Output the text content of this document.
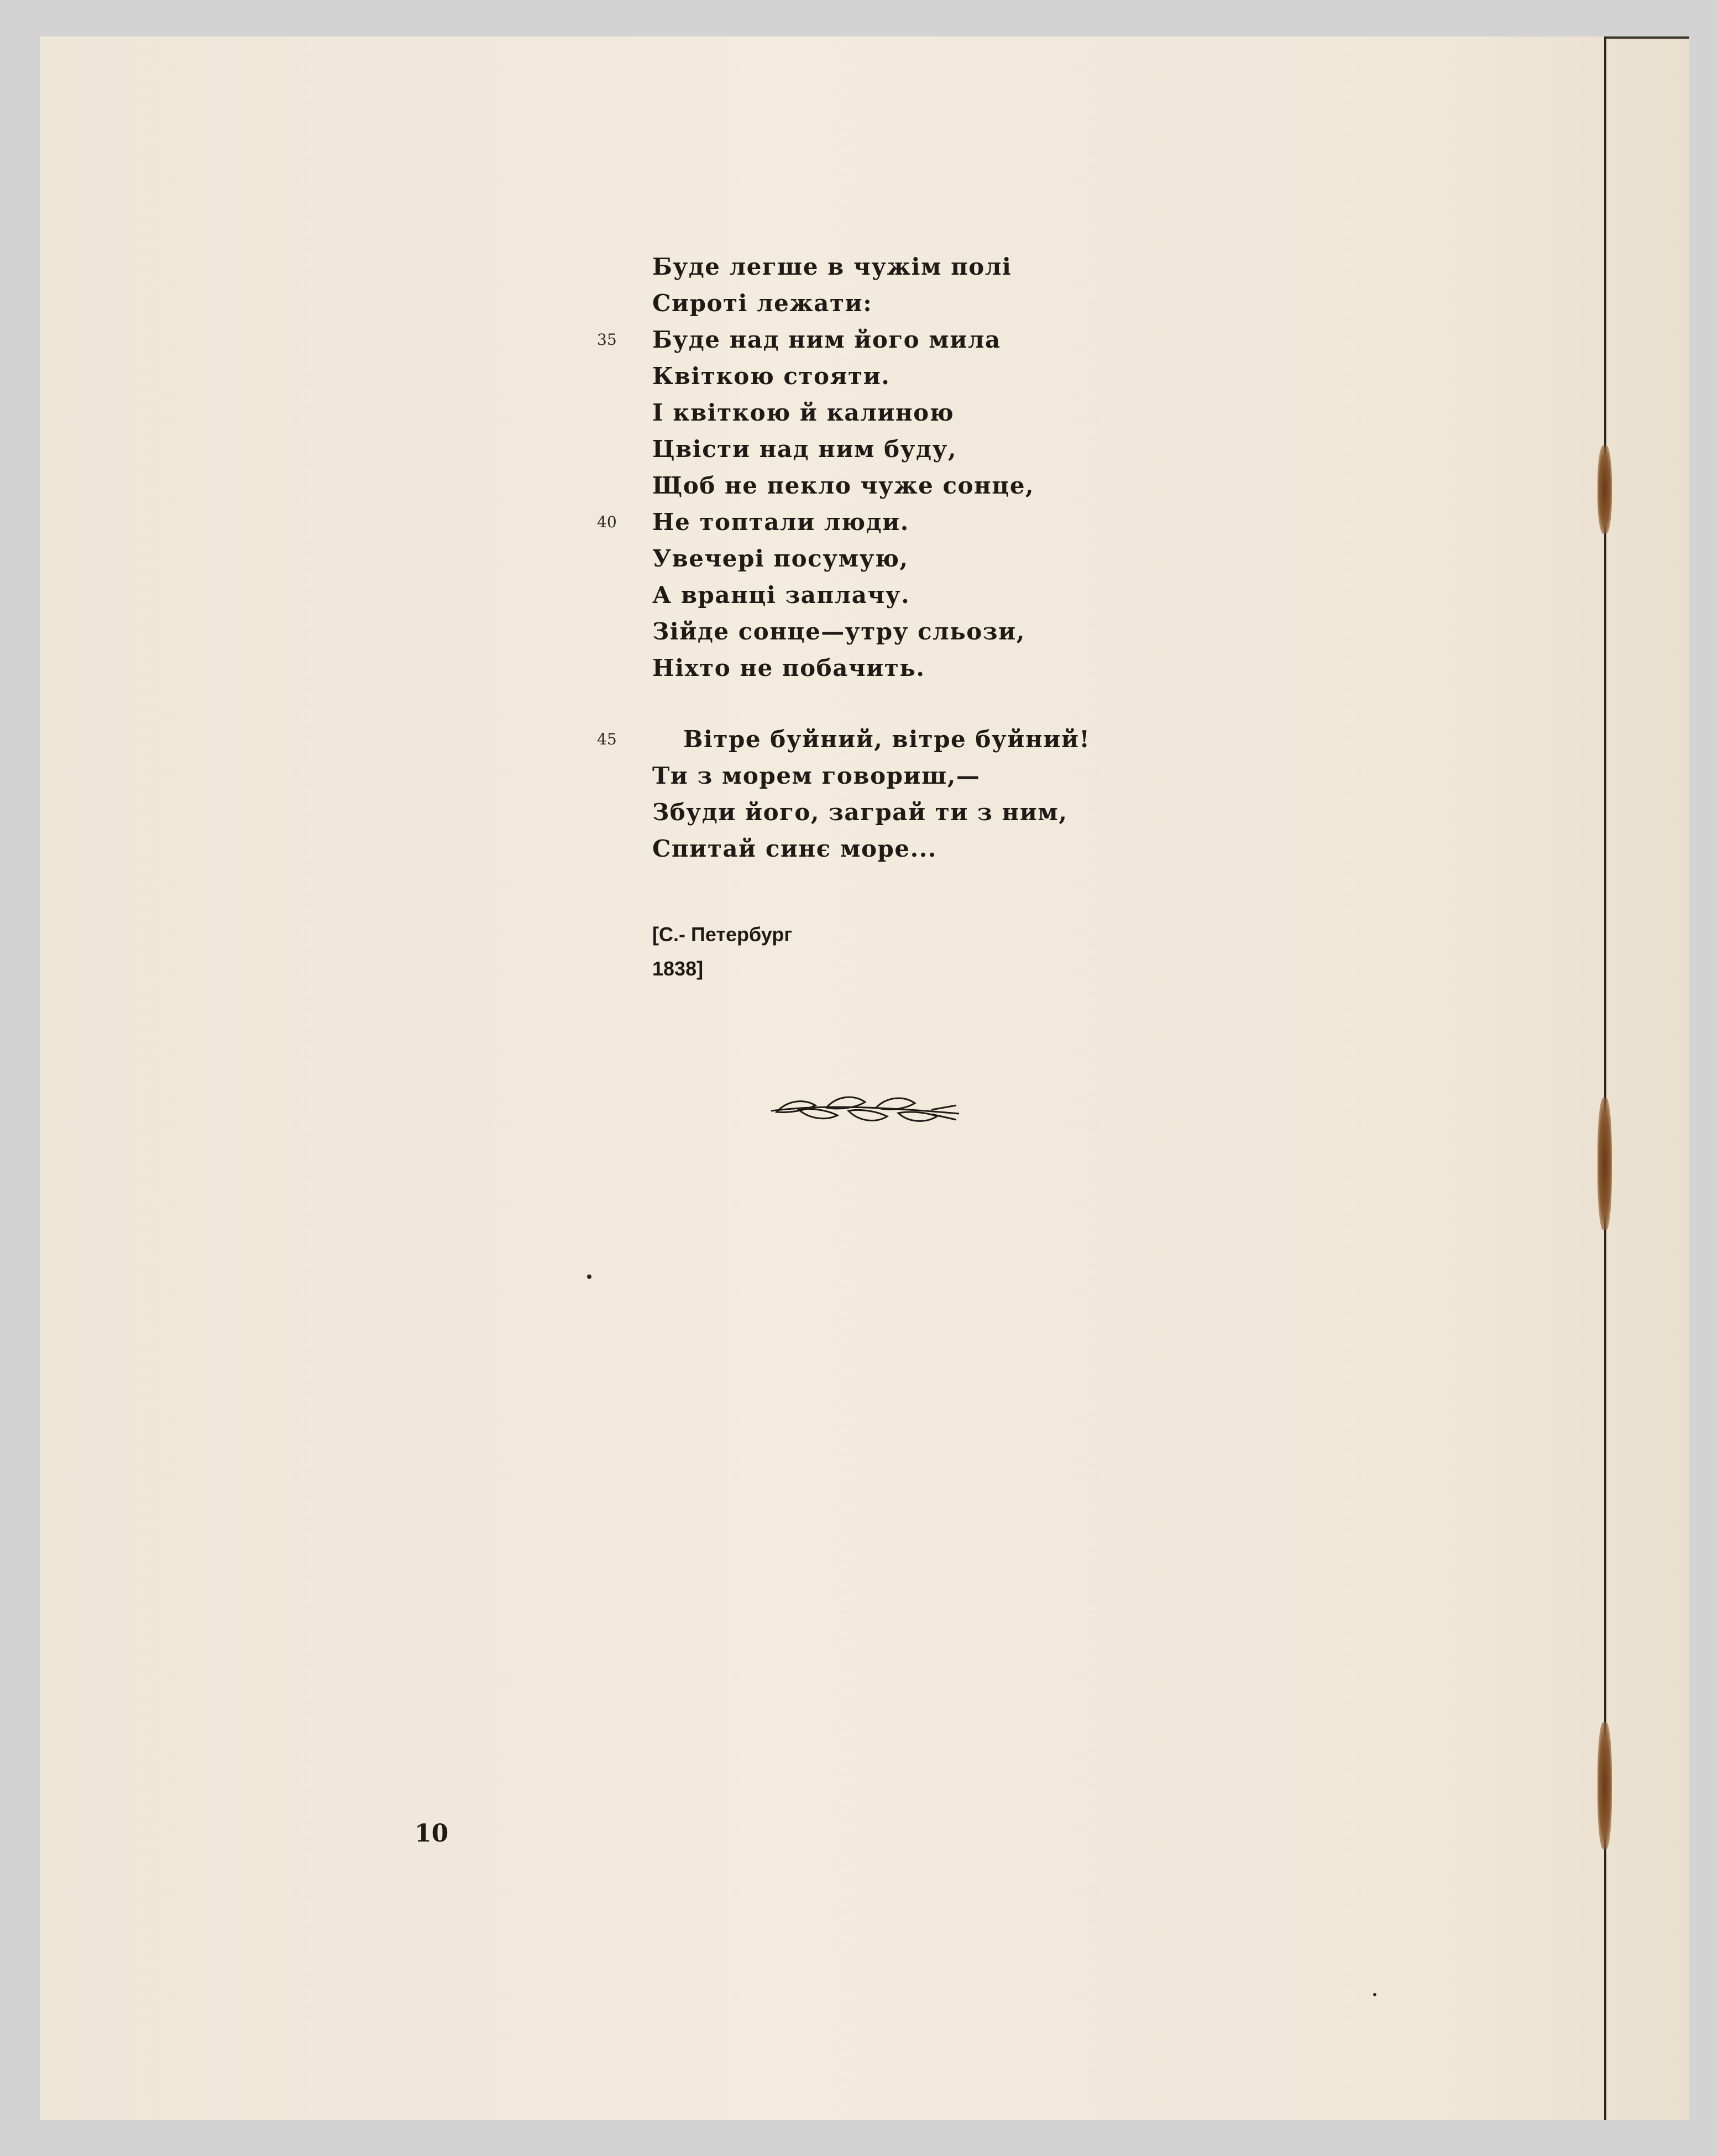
Буде легше в чужім полі
Сироті лежати:
35 Буде над ним його мила
Квіткою стояти.
І квіткою й калиною
Цвісти над ним буду,
Щоб не пекло чуже сонце,
40 Не топтали люди.
Увечері посумую,
А вранці заплачу.
Зійде сонце—утру сльози,
Ніхто не побачить.
45	Вітре буйний, вітре буйний!
Ти з морем говориш,—
Збуди його, заграй ти з ним,
Спитай синє море...
[С.- Петербург
1838]
10
